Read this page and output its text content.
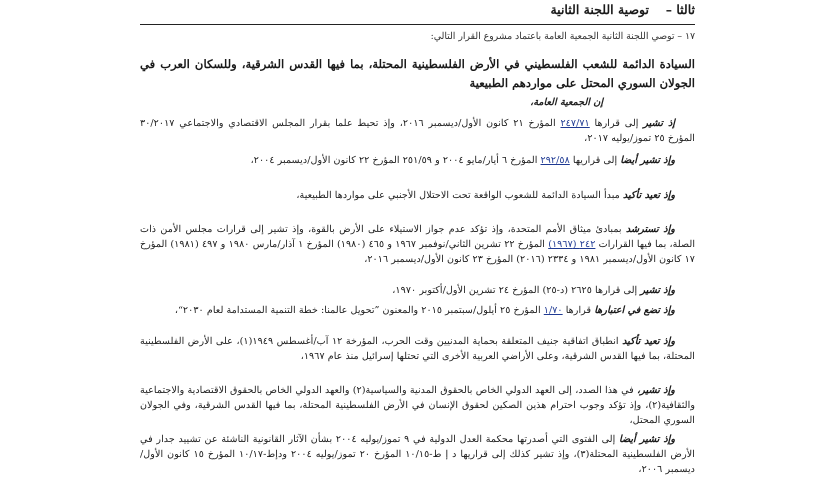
ثالثا –
توصية اللجنة الثانية
١٧ – توصي اللجنة الثانية الجمعية العامة باعتماد مشروع القرار التالي:
السيادة الدائمة للشعب الفلسطيني في الأرض الفلسطينية المحتلة، بما فيها القدس الشرقية، وللسكان العرب في الجولان السوري المحتل على مواردهم الطبيعية
إن الجمعية العامة،
إذ تشير إلى قرارها ٢٤٧/٧١ المؤرخ ٢١ كانون الأول/ديسمبر ٢٠١٦، وإذ تحيط علما بقرار المجلس الاقتصادي والاجتماعي ٣٠/٢٠١٧ المؤرخ ٢٥ تموز/يوليه ٢٠١٧،
وإذ تشير أيضا إلى قراريها ٢٩٢/٥٨ المؤرخ ٦ أيار/مايو ٢٠٠٤ و ٢٥١/٥٩ المؤرخ ٢٢ كانون الأول/ديسمبر ٢٠٠٤،
وإذ تعيد تأكيد مبدأ السيادة الدائمة للشعوب الواقعة تحت الاحتلال الأجنبي على مواردها الطبيعية،
وإذ تسترشد بمبادئ ميثاق الأمم المتحدة، وإذ تؤكد عدم جواز الاستيلاء على الأرض بالقوة، وإذ تشير إلى قرارات مجلس الأمن ذات الصلة، بما فيها القرارات ٢٤٢ (١٩٦٧) المؤرخ ٢٢ تشرين الثاني/نوفمبر ١٩٦٧ و ٤٦٥ (١٩٨٠) المؤرخ ١ آذار/مارس ١٩٨٠ و ٤٩٧ (١٩٨١) المؤرخ ١٧ كانون الأول/ديسمبر ١٩٨١ و ٢٣٣٤ (٢٠١٦) المؤرخ ٢٣ كانون الأول/ديسمبر ٢٠١٦،
وإذ تشير إلى قرارها ٢٦٢٥ (د-٢٥) المؤرخ ٢٤ تشرين الأول/أكتوبر ١٩٧٠،
وإذ تضع في اعتبارها قرارها ١/٧٠ المؤرخ ٢٥ أيلول/سبتمبر ٢٠١٥ والمعنون ”تحويل عالمنا: خطة التنمية المستدامة لعام ٢٠٣٠“،
وإذ تعيد تأكيد انطباق اتفاقية جنيف المتعلقة بحماية المدنيين وقت الحرب، المؤرخة ١٢ آب/أغسطس ١٩٤٩(١)، على الأرض الفلسطينية المحتلة، بما فيها القدس الشرقية، وعلى الأراضي العربية الأخرى التي تحتلها إسرائيل منذ عام ١٩٦٧،
وإذ تشير، في هذا الصدد، إلى العهد الدولي الخاص بالحقوق المدنية والسياسية(٢) والعهد الدولي الخاص بالحقوق الاقتصادية والاجتماعية والثقافية(٢)، وإذ تؤكد وجوب احترام هذين الصكين لحقوق الإنسان في الأرض الفلسطينية المحتلة، بما فيها القدس الشرقية، وفي الجولان السوري المحتل،
وإذ تشير أيضا إلى الفتوى التي أصدرتها محكمة العدل الدولية في ٩ تموز/يوليه ٢٠٠٤ بشأن الآثار القانونية الناشئة عن تشييد جدار في الأرض الفلسطينية المحتلة(٣)، وإذ تشير كذلك إلى قراريها د إ ط-١٠/١٥ المؤرخ ٢٠ تموز/يوليه ٢٠٠٤ ودإط-١٠/١٧ المؤرخ ١٥ كانون الأول/ديسمبر ٢٠٠٦،
